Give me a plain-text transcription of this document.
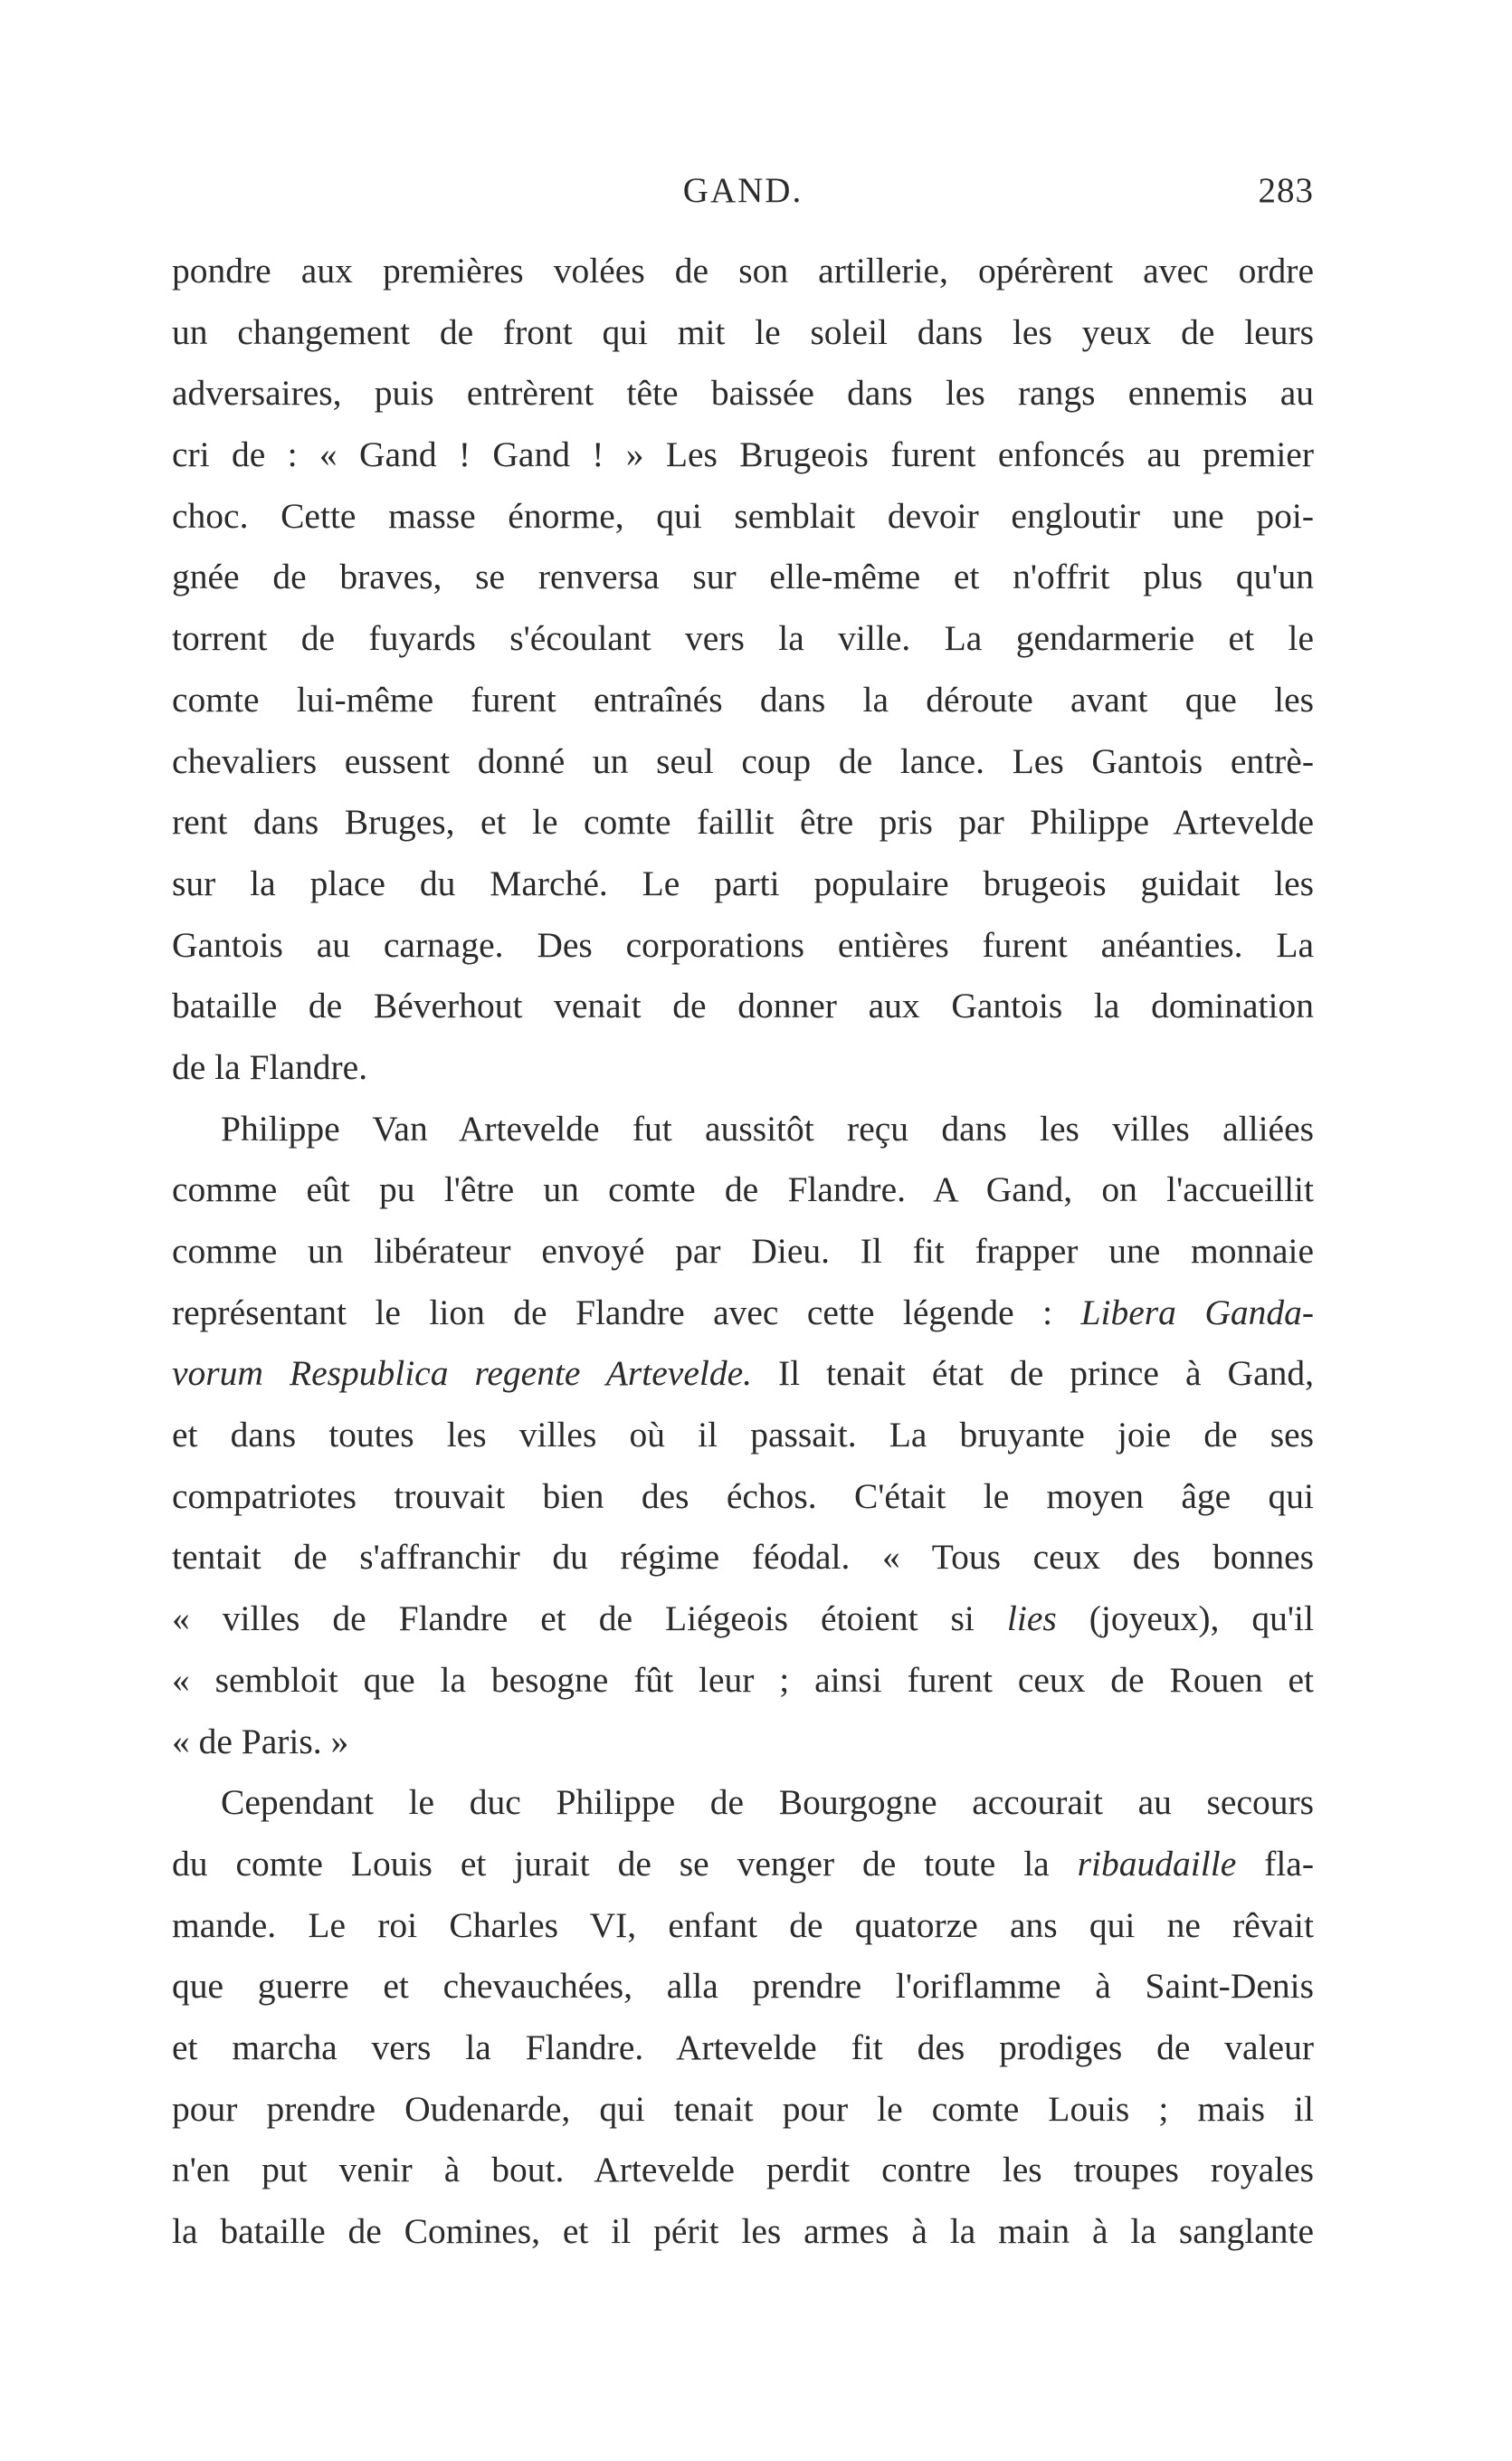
GAND.	283
pondre aux premières volées de son artillerie, opérèrent avec ordre
un changement de front qui mit le soleil dans les yeux de leurs
adversaires, puis entrèrent tête baissée dans les rangs ennemis au
cri de : « Gand ! Gand ! » Les Brugeois furent enfoncés au premier
choc. Cette masse énorme, qui semblait devoir engloutir une poi-
gnée de braves, se renversa sur elle-même et n'offrit plus qu'un
torrent de fuyards s'écoulant vers la ville. La gendarmerie et le
comte lui-même furent entraînés dans la déroute avant que les
chevaliers eussent donné un seul coup de lance. Les Gantois entrè-
rent dans Bruges, et le comte faillit être pris par Philippe Artevelde
sur la place du Marché. Le parti populaire brugeois guidait les
Gantois au carnage. Des corporations entières furent anéanties. La
bataille de Béverhout venait de donner aux Gantois la domination
de la Flandre.
Philippe Van Artevelde fut aussitôt reçu dans les villes alliées
comme eût pu l'être un comte de Flandre. A Gand, on l'accueillit
comme un libérateur envoyé par Dieu. Il fit frapper une monnaie
représentant le lion de Flandre avec cette légende : Libera Ganda-
vorum Respublica regente Artevelde. Il tenait état de prince à Gand,
et dans toutes les villes où il passait. La bruyante joie de ses
compatriotes trouvait bien des échos. C'était le moyen âge qui
tentait de s'affranchir du régime féodal. « Tous ceux des bonnes
« villes de Flandre et de Liégeois étoient si lies (joyeux), qu'il
« sembloit que la besogne fût leur ; ainsi furent ceux de Rouen et
« de Paris. »
Cependant le duc Philippe de Bourgogne accourait au secours
du comte Louis et jurait de se venger de toute la ribaudaille fla-
mande. Le roi Charles VI, enfant de quatorze ans qui ne rêvait
que guerre et chevauchées, alla prendre l'oriflamme à Saint-Denis
et marcha vers la Flandre. Artevelde fit des prodiges de valeur
pour prendre Oudenarde, qui tenait pour le comte Louis ; mais il
n'en put venir à bout. Artevelde perdit contre les troupes royales
la bataille de Comines, et il périt les armes à la main à la sanglante
